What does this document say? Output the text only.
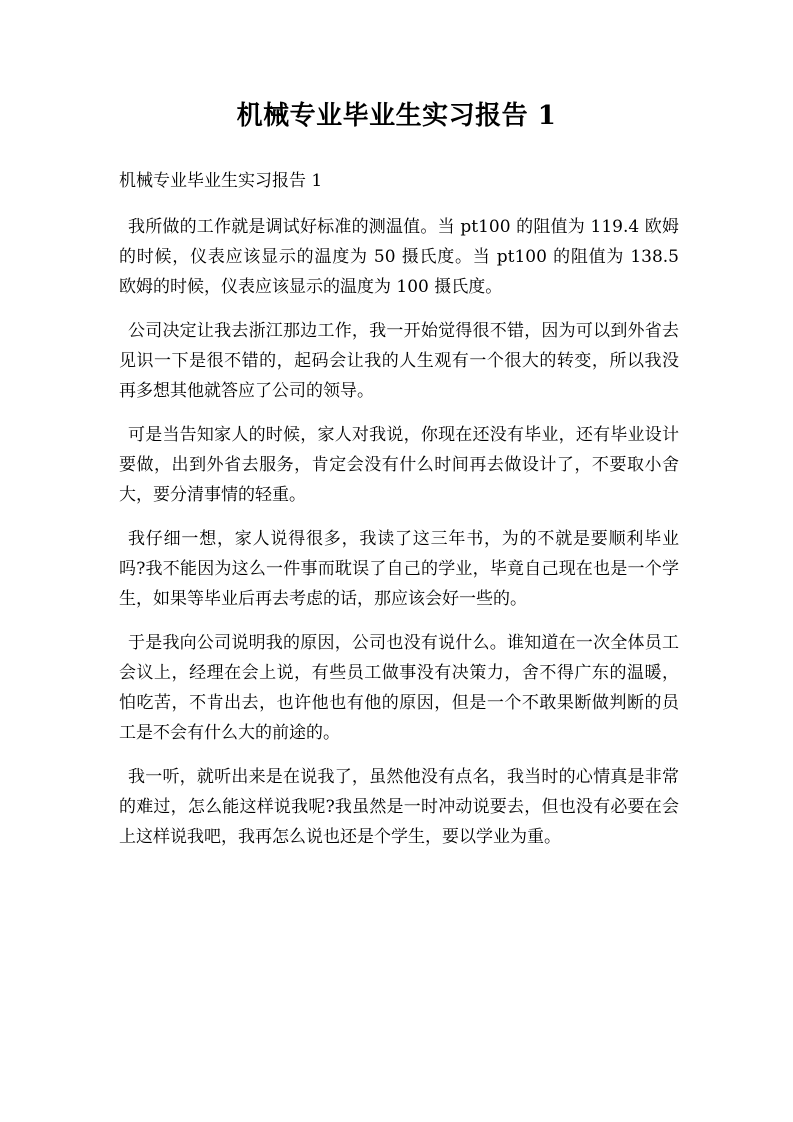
机械专业毕业生实习报告 1
机械专业毕业生实习报告 1

我所做的工作就是调试好标准的测温值。当 pt100 的阻值为 119.4 欧姆的时候，仪表应该显示的温度为 50 摄氏度。当 pt100 的阻值为 138.5 欧姆的时候，仪表应该显示的温度为 100 摄氏度。

公司决定让我去浙江那边工作，我一开始觉得很不错，因为可以到外省去见识一下是很不错的，起码会让我的人生观有一个很大的转变，所以我没再多想其他就答应了公司的领导。

可是当告知家人的时候，家人对我说，你现在还没有毕业，还有毕业设计要做，出到外省去服务，肯定会没有什么时间再去做设计了，不要取小舍大，要分清事情的轻重。

我仔细一想，家人说得很多，我读了这三年书，为的不就是要顺利毕业吗?我不能因为这么一件事而耽误了自己的学业，毕竟自己现在也是一个学生，如果等毕业后再去考虑的话，那应该会好一些的。

于是我向公司说明我的原因，公司也没有说什么。谁知道在一次全体员工会议上，经理在会上说，有些员工做事没有决策力，舍不得广东的温暖，怕吃苦，不肯出去，也许他也有他的原因，但是一个不敢果断做判断的员工是不会有什么大的前途的。

我一听，就听出来是在说我了，虽然他没有点名，我当时的心情真是非常的难过，怎么能这样说我呢?我虽然是一时冲动说要去，但也没有必要在会上这样说我吧，我再怎么说也还是个学生，要以学业为重。
